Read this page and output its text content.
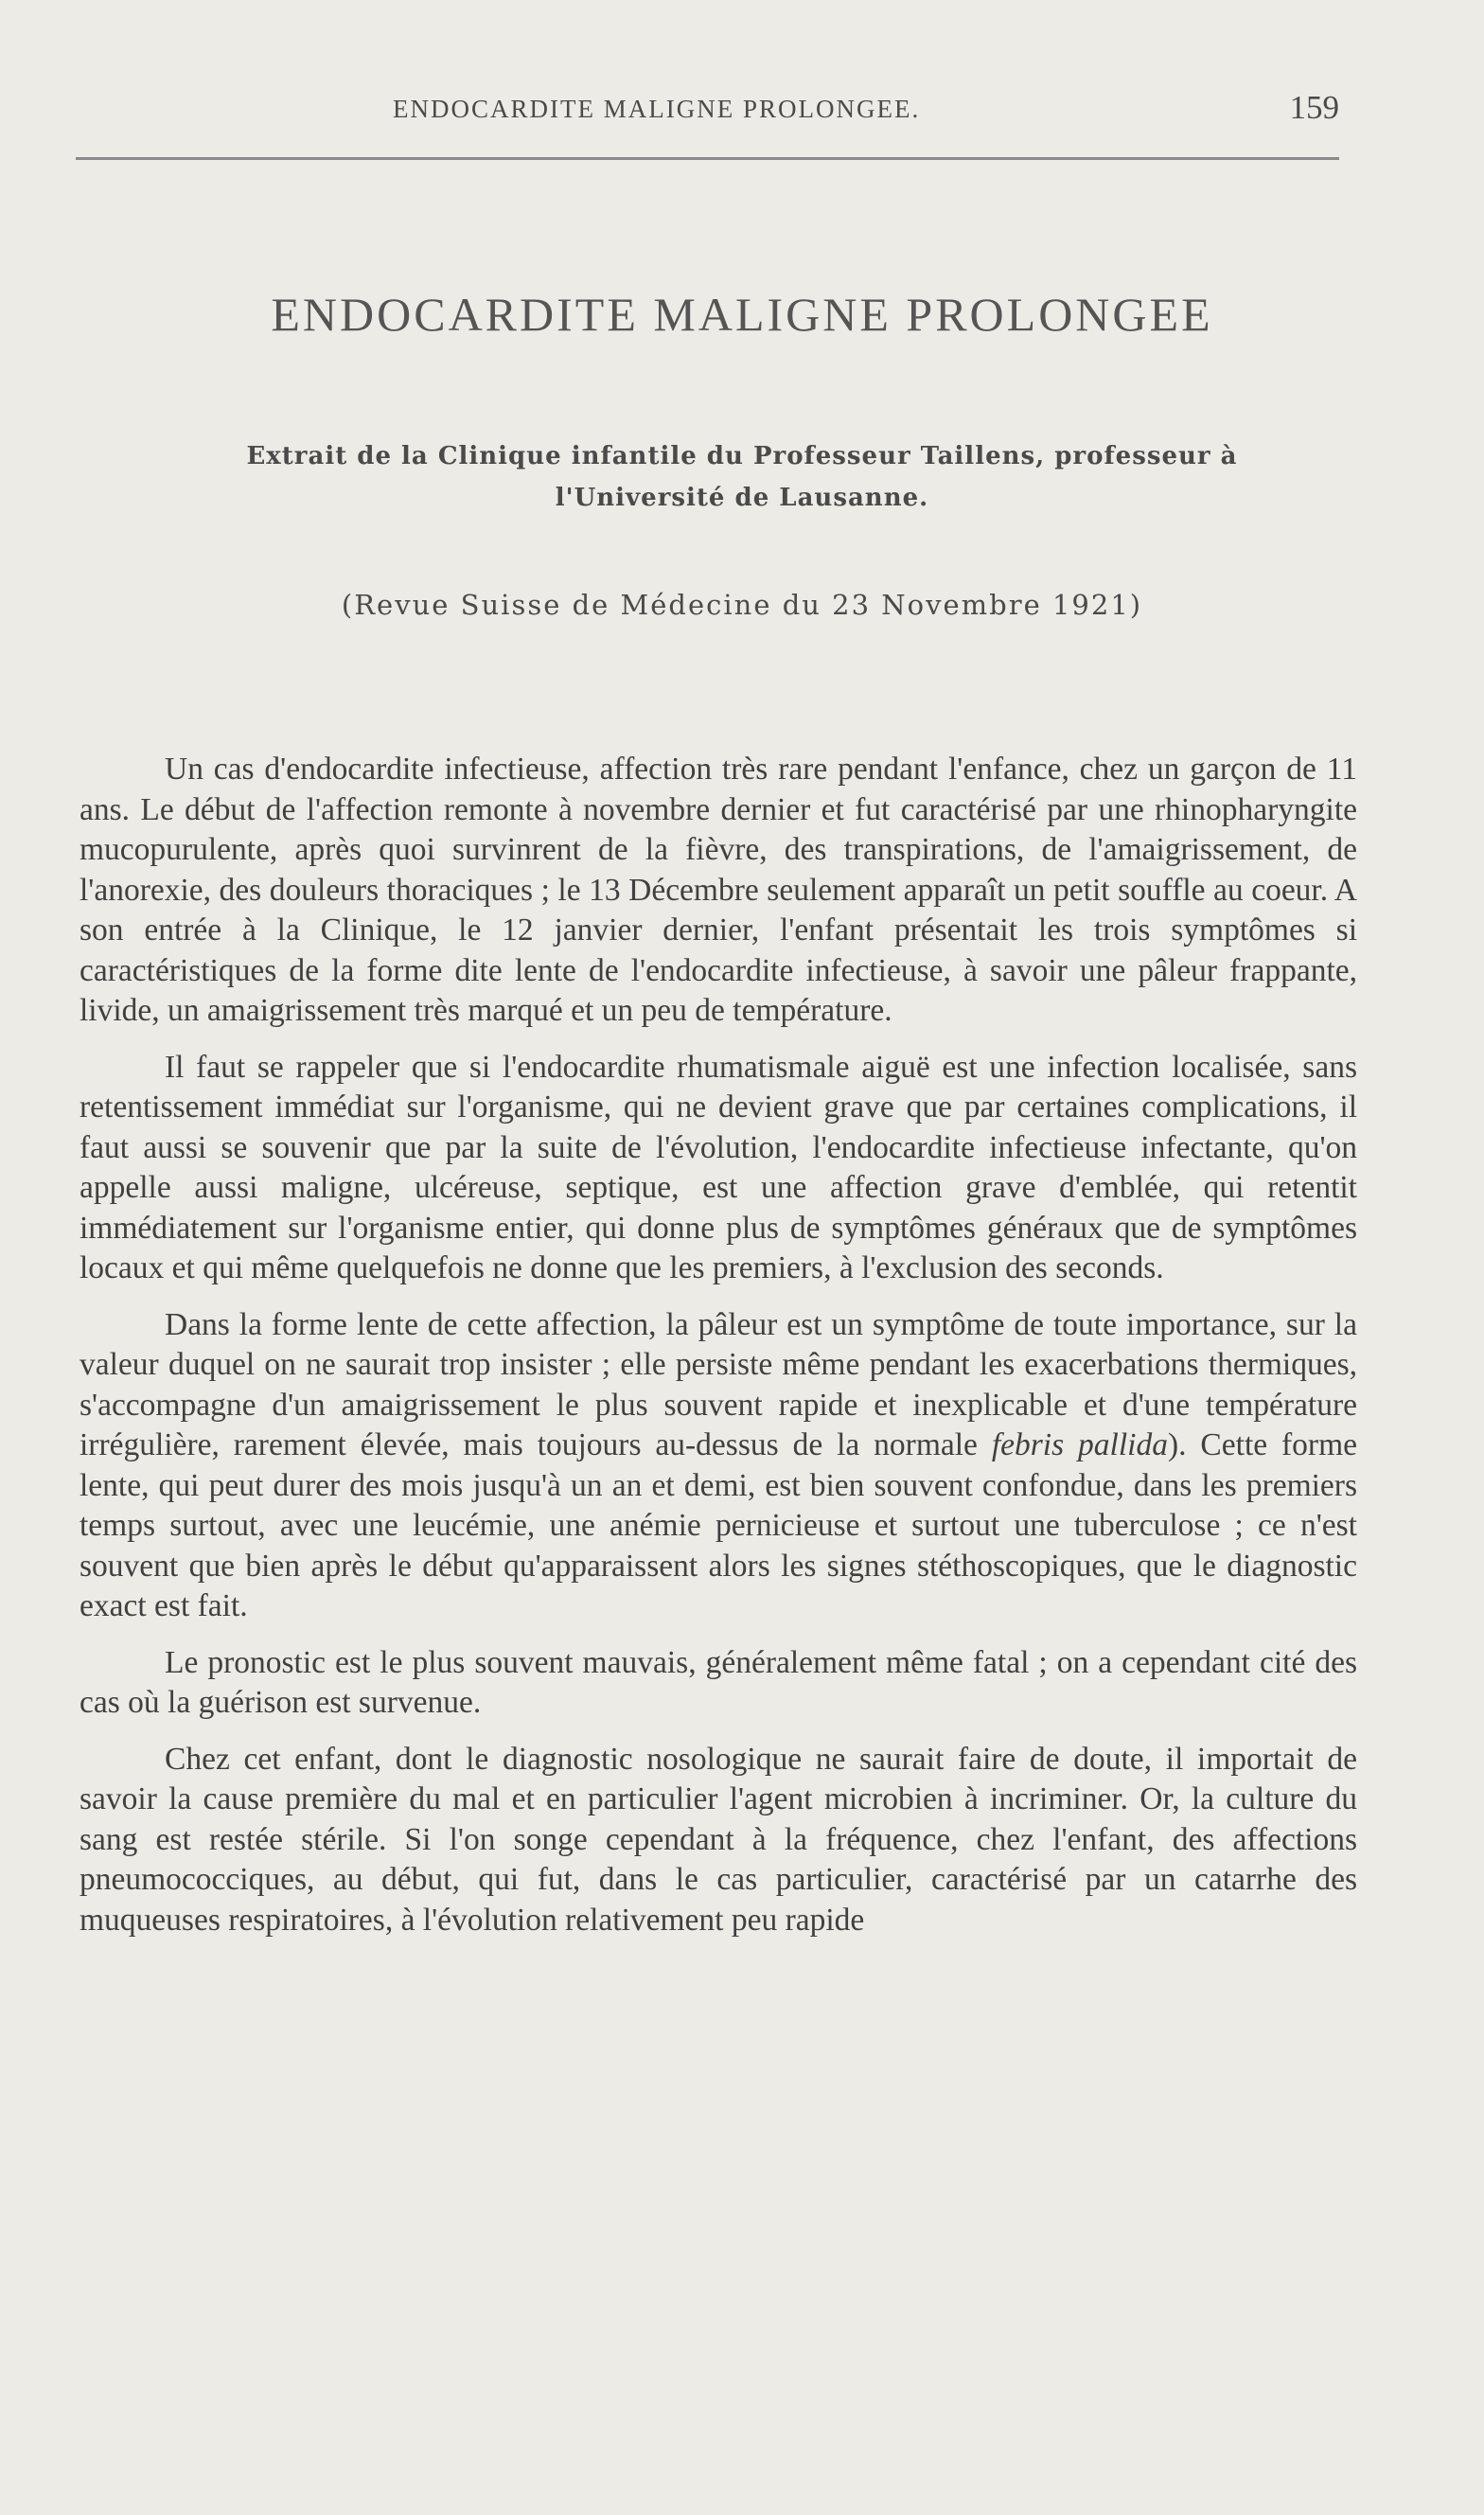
ENDOCARDITE MALIGNE PROLONGEE.	159
ENDOCARDITE MALIGNE PROLONGEE
Extrait de la Clinique infantile du Professeur Taillens, professeur à
l'Université de Lausanne.
(Revue Suisse de Médecine du 23 Novembre 1921)

Un cas d'endocardite infectieuse, affection très rare pendant l'enfance, chez un garçon de 11 ans. Le début de l'affection remonte à novembre dernier et fut caractérisé par une rhinopharyngite mucopurulente, après quoi survinrent de la fièvre, des transpirations, de l'amaigrissement, de l'anorexie, des douleurs thoraciques ; le 13 Décembre seulement apparaît un petit souffle au coeur. A son entrée à la Clinique, le 12 janvier dernier, l'enfant présentait les trois symptômes si caractéristiques de la forme dite lente de l'endocardite infectieuse, à savoir une pâleur frappante, livide, un amaigrissement très marqué et un peu de température.

Il faut se rappeler que si l'endocardite rhumatismale aiguë est une infection localisée, sans retentissement immédiat sur l'organisme, qui ne devient grave que par certaines complications, il faut aussi se souvenir que par la suite de l'évolution, l'endocardite infectieuse infectante, qu'on appelle aussi maligne, ulcéreuse, septique, est une affection grave d'emblée, qui retentit immédiatement sur l'organisme entier, qui donne plus de symptômes généraux que de symptômes locaux et qui même quelquefois ne donne que les premiers, à l'exclusion des seconds.

Dans la forme lente de cette affection, la pâleur est un symptôme de toute importance, sur la valeur duquel on ne saurait trop insister ; elle persiste même pendant les exacerbations thermiques, s'accompagne d'un amaigrissement le plus souvent rapide et inexplicable et d'une température irrégulière, rarement élevée, mais toujours au-dessus de la normale febris pallida). Cette forme lente, qui peut durer des mois jusqu'à un an et demi, est bien souvent confondue, dans les premiers temps surtout, avec une leucémie, une anémie pernicieuse et surtout une tuberculose ; ce n'est souvent que bien après le début qu'apparaissent alors les signes stéthoscopiques, que le diagnostic exact est fait.

Le pronostic est le plus souvent mauvais, généralement même fatal ; on a cependant cité des cas où la guérison est survenue.

Chez cet enfant, dont le diagnostic nosologique ne saurait faire de doute, il importait de savoir la cause première du mal et en particulier l'agent microbien à incriminer. Or, la culture du sang est restée stérile. Si l'on songe cependant à la fréquence, chez l'enfant, des affections pneumococciques, au début, qui fut, dans le cas particulier, caractérisé par un catarrhe des muqueuses respiratoires, à l'évolution relativement peu rapide
